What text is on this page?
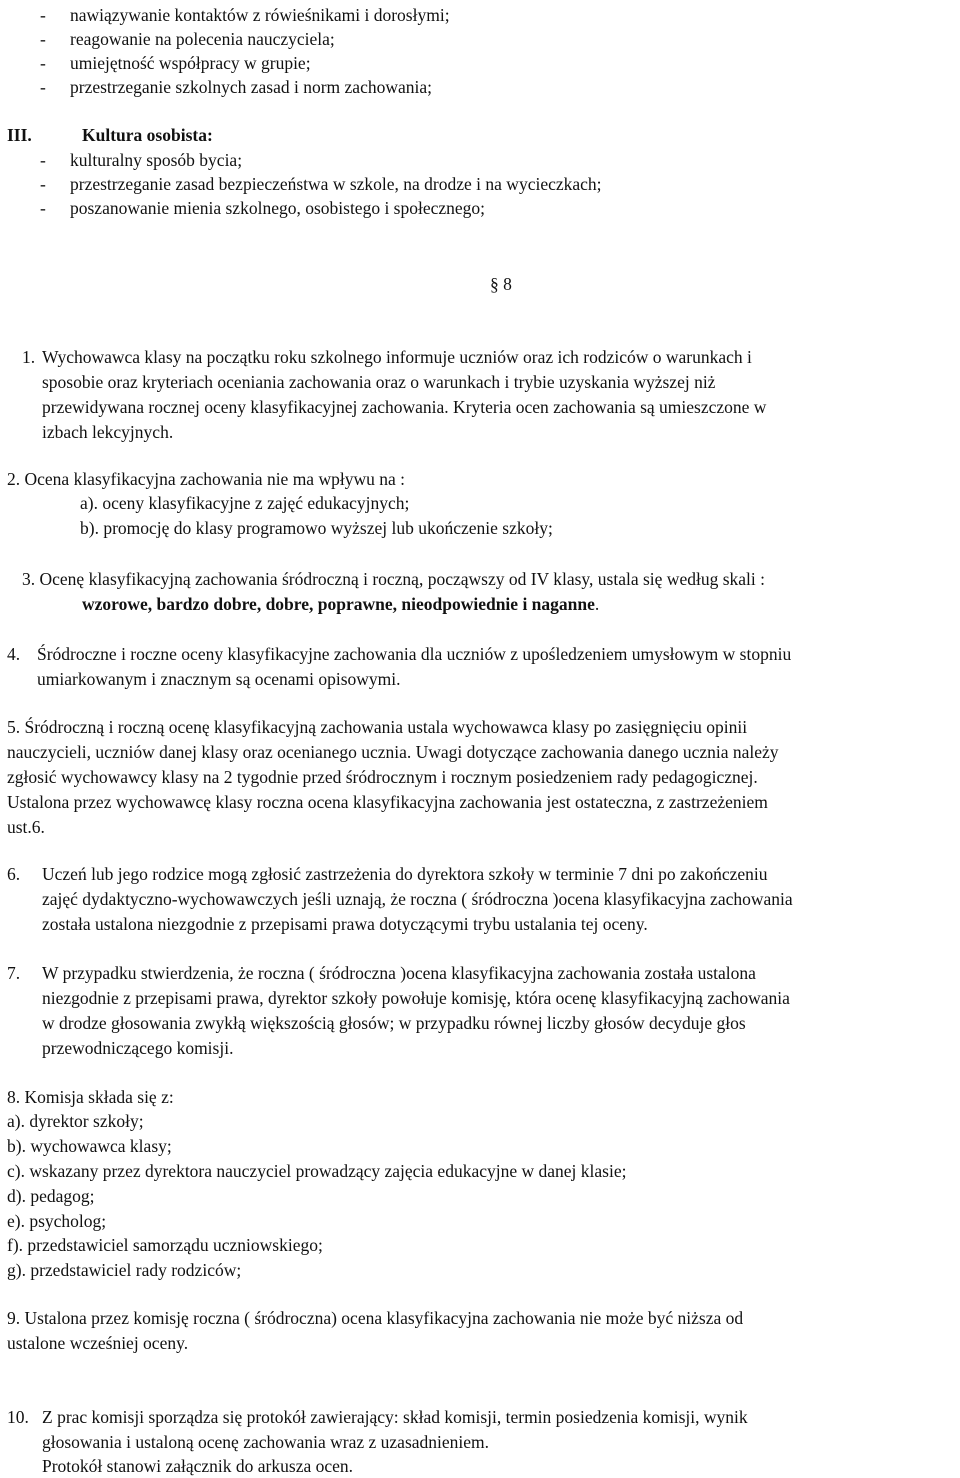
- nawiązywanie kontaktów z rówieśnikami i dorosłymi;
- reagowanie na polecenia nauczyciela;
- umiejętność współpracy w grupie;
- przestrzeganie szkolnych zasad i norm zachowania;
III.	Kultura osobista:
- kulturalny sposób bycia;
- przestrzeganie zasad bezpieczeństwa w szkole, na drodze i na wycieczkach;
- poszanowanie mienia szkolnego, osobistego i społecznego;
§ 8
1. Wychowawca klasy na początku roku szkolnego informuje uczniów oraz ich rodziców o warunkach i
sposobie oraz kryteriach oceniania zachowania oraz o warunkach i trybie uzyskania wyższej niż
przewidywana rocznej oceny klasyfikacyjnej zachowania. Kryteria ocen zachowania są umieszczone w
izbach lekcyjnych.
2. Ocena klasyfikacyjna zachowania nie ma wpływu na :
a). oceny klasyfikacyjne z zajęć edukacyjnych;
b). promocję do klasy programowo wyższej lub ukończenie szkoły;
3. Ocenę klasyfikacyjną zachowania śródroczną i roczną, począwszy od IV klasy, ustala się według skali :
wzorowe, bardzo dobre, dobre, poprawne, nieodpowiednie i naganne.
4. Śródroczne i roczne oceny klasyfikacyjne zachowania dla uczniów z upośledzeniem umysłowym w stopniu
umiarkowanym i znacznym są ocenami opisowymi.
5. Śródroczną i roczną ocenę klasyfikacyjną zachowania ustala wychowawca klasy po zasięgnięciu opinii
nauczycieli, uczniów danej klasy oraz ocenianego ucznia. Uwagi dotyczące zachowania danego ucznia należy
zgłosić wychowawcy klasy na 2 tygodnie przed śródrocznym i rocznym posiedzeniem rady pedagogicznej.
Ustalona przez wychowawcę klasy roczna ocena klasyfikacyjna zachowania jest ostateczna, z zastrzeżeniem
ust.6.
6. Uczeń lub jego rodzice mogą zgłosić zastrzeżenia do dyrektora szkoły w terminie 7 dni po zakończeniu
zajęć dydaktyczno-wychowawczych jeśli uznają, że roczna ( śródroczna )ocena klasyfikacyjna zachowania
została ustalona niezgodnie z przepisami prawa dotyczącymi trybu ustalania tej oceny.
7. W przypadku stwierdzenia, że roczna ( śródroczna )ocena klasyfikacyjna zachowania została ustalona
niezgodnie z przepisami prawa, dyrektor szkoły powołuje komisję, która ocenę klasyfikacyjną zachowania
w drodze głosowania zwykłą większością głosów; w przypadku równej liczby głosów decyduje głos
przewodniczącego komisji.
8. Komisja składa się z:
a). dyrektor szkoły;
b). wychowawca klasy;
c). wskazany przez dyrektora nauczyciel prowadzący zajęcia edukacyjne w danej klasie;
d). pedagog;
e). psycholog;
f). przedstawiciel samorządu uczniowskiego;
g). przedstawiciel rady rodziców;
9. Ustalona przez komisję roczna ( śródroczna) ocena klasyfikacyjna zachowania nie może być niższa od
ustalone wcześniej oceny.
10. Z prac komisji sporządza się protokół zawierający: skład komisji, termin posiedzenia komisji, wynik
głosowania i ustaloną ocenę zachowania wraz z uzasadnieniem.
Protokół stanowi załącznik do arkusza ocen.
